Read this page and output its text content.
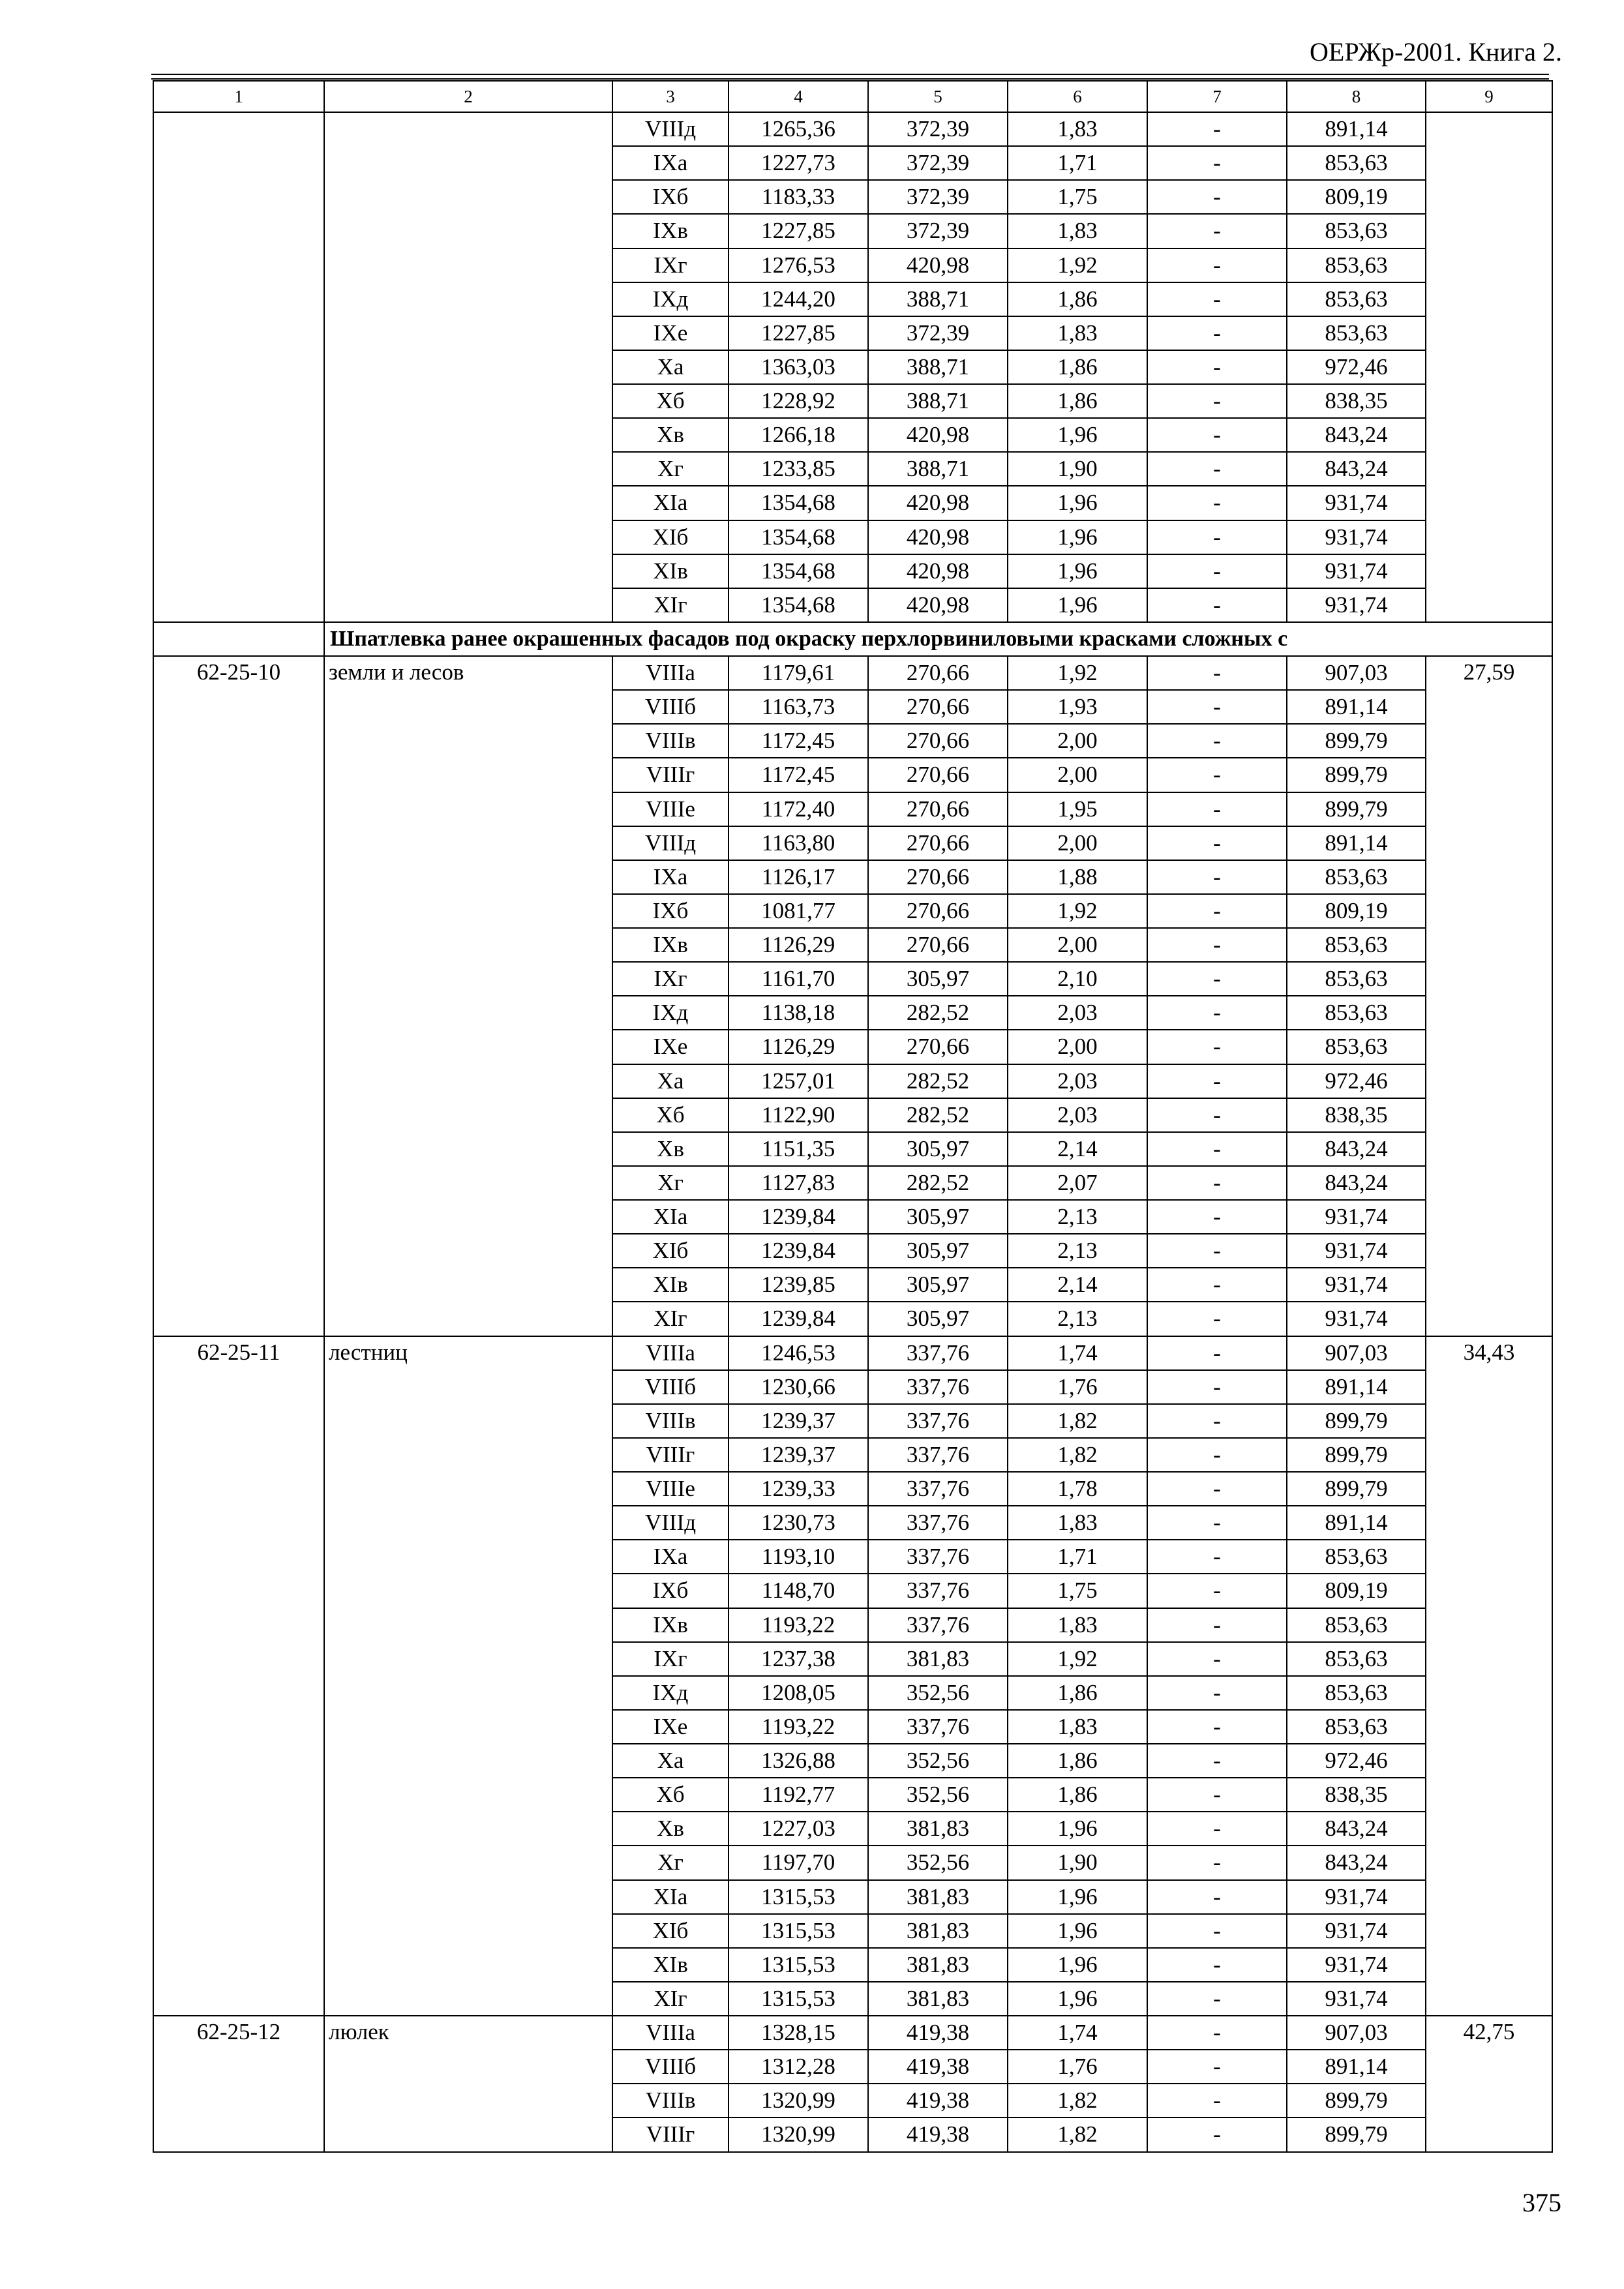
ОЕРЖр-2001. Книга 2.
1	2	3	4	5	6	7	8	9
		VIIIд	1265,36	372,39	1,83	-	891,14	
		IXа	1227,73	372,39	1,71	-	853,63	
		IXб	1183,33	372,39	1,75	-	809,19	
		IXв	1227,85	372,39	1,83	-	853,63	
		IXг	1276,53	420,98	1,92	-	853,63	
		IXд	1244,20	388,71	1,86	-	853,63	
		IXе	1227,85	372,39	1,83	-	853,63	
		Xа	1363,03	388,71	1,86	-	972,46	
		Xб	1228,92	388,71	1,86	-	838,35	
		Xв	1266,18	420,98	1,96	-	843,24	
		Xг	1233,85	388,71	1,90	-	843,24	
		XIа	1354,68	420,98	1,96	-	931,74	
		XIб	1354,68	420,98	1,96	-	931,74	
		XIв	1354,68	420,98	1,96	-	931,74	
		XIг	1354,68	420,98	1,96	-	931,74	
	Шпатлевка ранее окрашенных фасадов под окраску перхлорвиниловыми красками сложных с							
62-25-10	земли и лесов	VIIIа	1179,61	270,66	1,92	-	907,03	27,59
		VIIIб	1163,73	270,66	1,93	-	891,14	
		VIIIв	1172,45	270,66	2,00	-	899,79	
		VIIIг	1172,45	270,66	2,00	-	899,79	
		VIIIе	1172,40	270,66	1,95	-	899,79	
		VIIIд	1163,80	270,66	2,00	-	891,14	
		IXа	1126,17	270,66	1,88	-	853,63	
		IXб	1081,77	270,66	1,92	-	809,19	
		IXв	1126,29	270,66	2,00	-	853,63	
		IXг	1161,70	305,97	2,10	-	853,63	
		IXд	1138,18	282,52	2,03	-	853,63	
		IXе	1126,29	270,66	2,00	-	853,63	
		Xа	1257,01	282,52	2,03	-	972,46	
		Xб	1122,90	282,52	2,03	-	838,35	
		Xв	1151,35	305,97	2,14	-	843,24	
		Xг	1127,83	282,52	2,07	-	843,24	
		XIа	1239,84	305,97	2,13	-	931,74	
		XIб	1239,84	305,97	2,13	-	931,74	
		XIв	1239,85	305,97	2,14	-	931,74	
		XIг	1239,84	305,97	2,13	-	931,74	
62-25-11	лестниц	VIIIа	1246,53	337,76	1,74	-	907,03	34,43
		VIIIб	1230,66	337,76	1,76	-	891,14	
		VIIIв	1239,37	337,76	1,82	-	899,79	
		VIIIг	1239,37	337,76	1,82	-	899,79	
		VIIIе	1239,33	337,76	1,78	-	899,79	
		VIIIд	1230,73	337,76	1,83	-	891,14	
		IXа	1193,10	337,76	1,71	-	853,63	
		IXб	1148,70	337,76	1,75	-	809,19	
		IXв	1193,22	337,76	1,83	-	853,63	
		IXг	1237,38	381,83	1,92	-	853,63	
		IXд	1208,05	352,56	1,86	-	853,63	
		IXе	1193,22	337,76	1,83	-	853,63	
		Xа	1326,88	352,56	1,86	-	972,46	
		Xб	1192,77	352,56	1,86	-	838,35	
		Xв	1227,03	381,83	1,96	-	843,24	
		Xг	1197,70	352,56	1,90	-	843,24	
		XIа	1315,53	381,83	1,96	-	931,74	
		XIб	1315,53	381,83	1,96	-	931,74	
		XIв	1315,53	381,83	1,96	-	931,74	
		XIг	1315,53	381,83	1,96	-	931,74	
62-25-12	люлек	VIIIа	1328,15	419,38	1,74	-	907,03	42,75
		VIIIб	1312,28	419,38	1,76	-	891,14	
		VIIIв	1320,99	419,38	1,82	-	899,79	
		VIIIг	1320,99	419,38	1,82	-	899,79	
375
